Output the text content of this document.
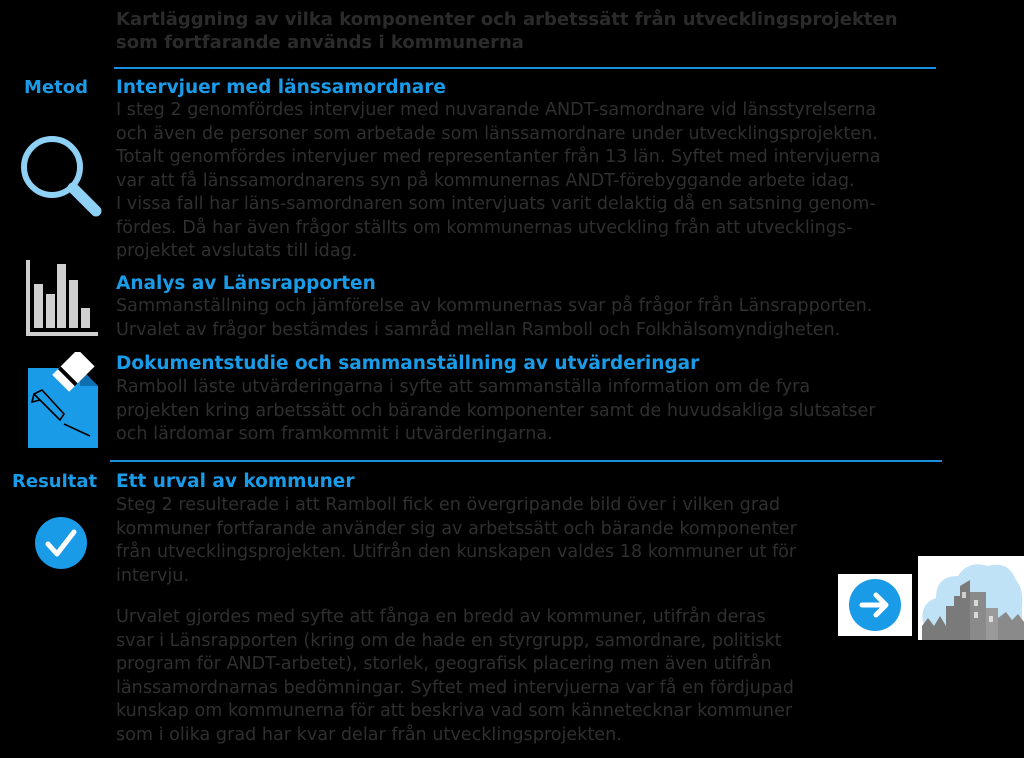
Kartläggning av vilka komponenter och arbetssätt från utvecklingsprojekten som fortfarande används i kommunerna
Metod Intervjuer med länssamordnare

I steg 2 genomfördes intervjuer med nuvarande ANDT-samordnare vid länsstyrelserna

och även de personer som arbetade som länssamordnare under utvecklingsprojekten.

Totalt genomfördes intervjuer med representanter från 13 län. Syftet med intervjuerna

var att få länssamordnarens syn på kommunernas ANDT-förebyggande arbete idag.

I vissa fall har läns-samordnaren som intervjuats varit delaktig då en satsning genom-

fördes. Då har även frågor ställts om kommunernas utveckling från att utvecklings-

projektet avslutats till idag.

Analys av Länsrapporten

Sammanställning och jämförelse av kommunernas svar på frågor från Länsrapporten.

Urvalet av frågor bestämdes i samråd mellan Ramboll och Folkhälsomyndigheten.

Dokumentstudie och sammanställning av utvärderingar

Ramboll läste utvärderingarna i syfte att sammanställa information om de fyra

projekten kring arbetssätt och bärande komponenter samt de huvudsakliga slutsatser

och lärdomar som framkommit i utvärderingarna.

Resultat Ett urval av kommuner

Steg 2 resulterade i att Ramboll fick en övergripande bild över i vilken grad

kommuner fortfarande använder sig av arbetssätt och bärande komponenter

från utvecklingsprojekten. Utifrån den kunskapen valdes 18 kommuner ut för

intervju.

Urvalet gjordes med syfte att fånga en bredd av kommuner, utifrån deras

svar i Länsrapporten (kring om de hade en styrgrupp, samordnare, politiskt

program för ANDT-arbetet), storlek, geografisk placering men även utifrån

länssamordnarnas bedömningar. Syftet med intervjuerna var få en fördjupad

kunskap om kommunerna för att beskriva vad som kännetecknar kommuner

som i olika grad har kvar delar från utvecklingsprojekten.
